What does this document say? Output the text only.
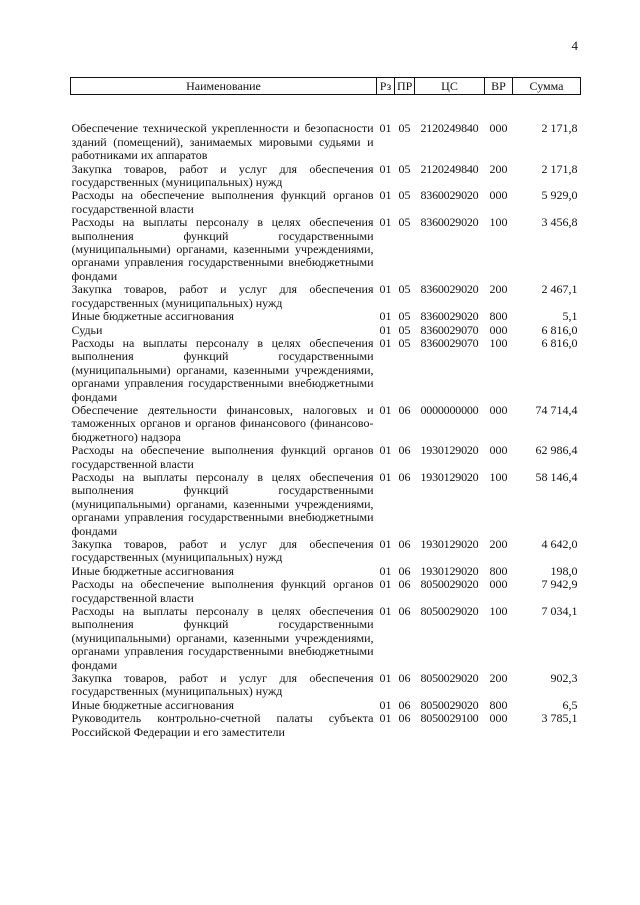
4
Наименование	Рз	ПР	ЦС	ВР	Сумма
Обеспечение технической укрепленности и безопасности зданий (помещений), занимаемых мировыми судьями и работниками их аппаратов	01	05	2120249840	000	2 171,8
Закупка товаров, работ и услуг для обеспечения государственных (муниципальных) нужд	01	05	2120249840	200	2 171,8
Расходы на обеспечение выполнения функций органов государственной власти	01	05	8360029020	000	5 929,0
Расходы на выплаты персоналу в целях обеспечения выполнения функций государственными (муниципальными) органами, казенными учреждениями, органами управления государственными внебюджетными фондами	01	05	8360029020	100	3 456,8
Закупка товаров, работ и услуг для обеспечения государственных (муниципальных) нужд	01	05	8360029020	200	2 467,1
Иные бюджетные ассигнования	01	05	8360029020	800	5,1
Судьи	01	05	8360029070	000	6 816,0
Расходы на выплаты персоналу в целях обеспечения выполнения функций государственными (муниципальными) органами, казенными учреждениями, органами управления государственными внебюджетными фондами	01	05	8360029070	100	6 816,0
Обеспечение деятельности финансовых, налоговых и таможенных органов и органов финансового (финансово-бюджетного) надзора	01	06	0000000000	000	74 714,4
Расходы на обеспечение выполнения функций органов государственной власти	01	06	1930129020	000	62 986,4
Расходы на выплаты персоналу в целях обеспечения выполнения функций государственными (муниципальными) органами, казенными учреждениями, органами управления государственными внебюджетными фондами	01	06	1930129020	100	58 146,4
Закупка товаров, работ и услуг для обеспечения государственных (муниципальных) нужд	01	06	1930129020	200	4 642,0
Иные бюджетные ассигнования	01	06	1930129020	800	198,0
Расходы на обеспечение выполнения функций органов государственной власти	01	06	8050029020	000	7 942,9
Расходы на выплаты персоналу в целях обеспечения выполнения функций государственными (муниципальными) органами, казенными учреждениями, органами управления государственными внебюджетными фондами	01	06	8050029020	100	7 034,1
Закупка товаров, работ и услуг для обеспечения государственных (муниципальных) нужд	01	06	8050029020	200	902,3
Иные бюджетные ассигнования	01	06	8050029020	800	6,5
Руководитель контрольно-счетной палаты субъекта Российской Федерации и его заместители	01	06	8050029100	000	3 785,1
